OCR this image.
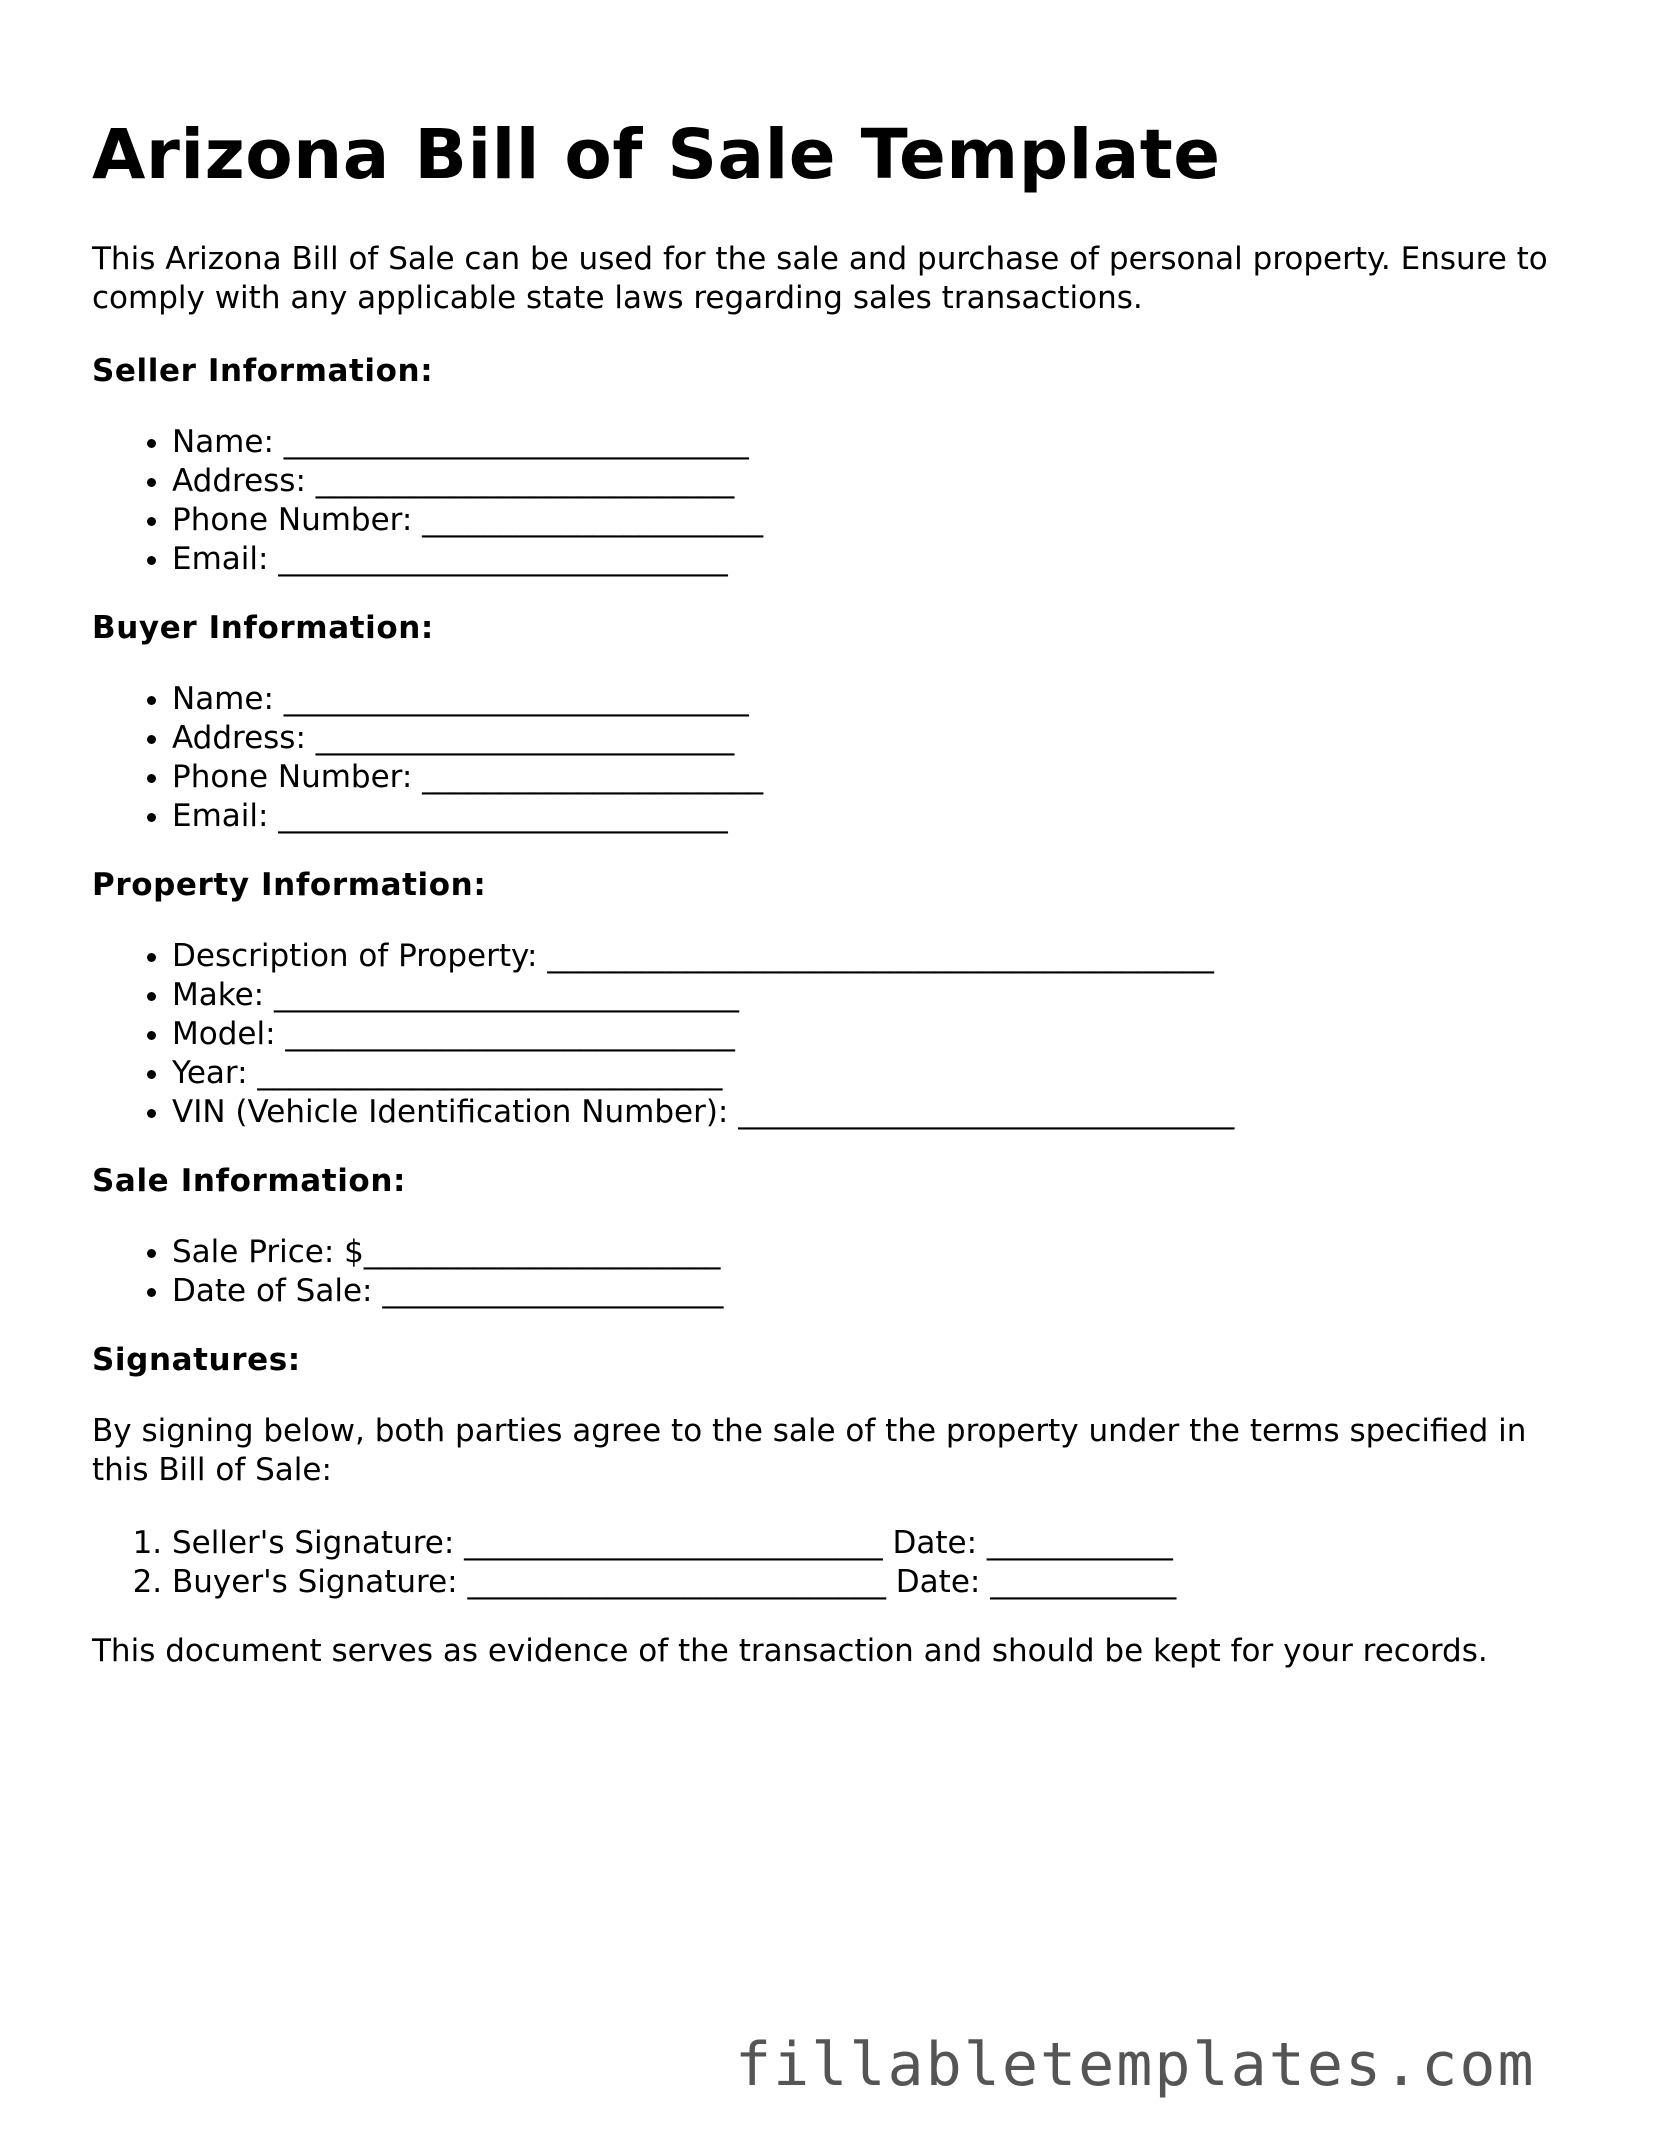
Arizona Bill of Sale Template

This Arizona Bill of Sale can be used for the sale and purchase of personal property. Ensure to comply with any applicable state laws regarding sales transactions.

Seller Information:
• Name: ______________________________
• Address: ___________________________
• Phone Number: ______________________
• Email: _____________________________
Buyer Information:
• Name: ______________________________
• Address: ___________________________
• Phone Number: ______________________
• Email: _____________________________
Property Information:
• Description of Property: ___________________________________________
• Make: ______________________________
• Model: _____________________________
• Year: ______________________________
• VIN (Vehicle Identification Number): ________________________________
Sale Information:
• Sale Price: $_______________________
• Date of Sale: ______________________
Signatures:

By signing below, both parties agree to the sale of the property under the terms specified in this Bill of Sale:

1. Seller's Signature: ___________________________ Date: ____________
2. Buyer's Signature: ___________________________ Date: ____________

This document serves as evidence of the transaction and should be kept for your records.

fillabletemplates.com
